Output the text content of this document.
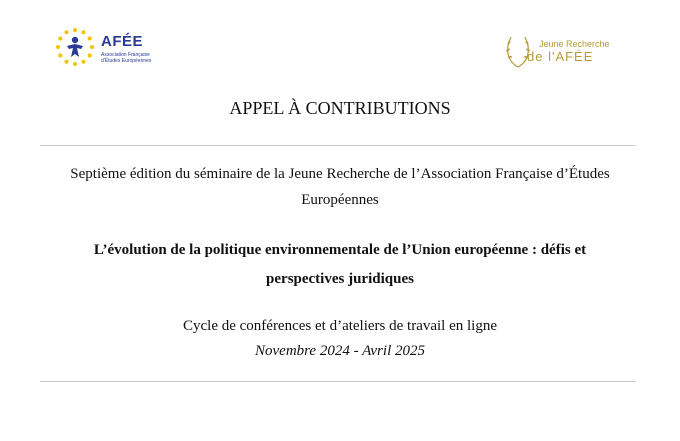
AFÉE
Association Française
d'Études Européennes
Jeune Recherche
de l'AFÉE
APPEL À CONTRIBUTIONS

Septième édition du séminaire de la Jeune Recherche de l’Association Française d’Études Européennes

L’évolution de la politique environnementale de l’Union européenne : défis et perspectives juridiques

Cycle de conférences et d’ateliers de travail en ligne

Novembre 2024 - Avril 2025
